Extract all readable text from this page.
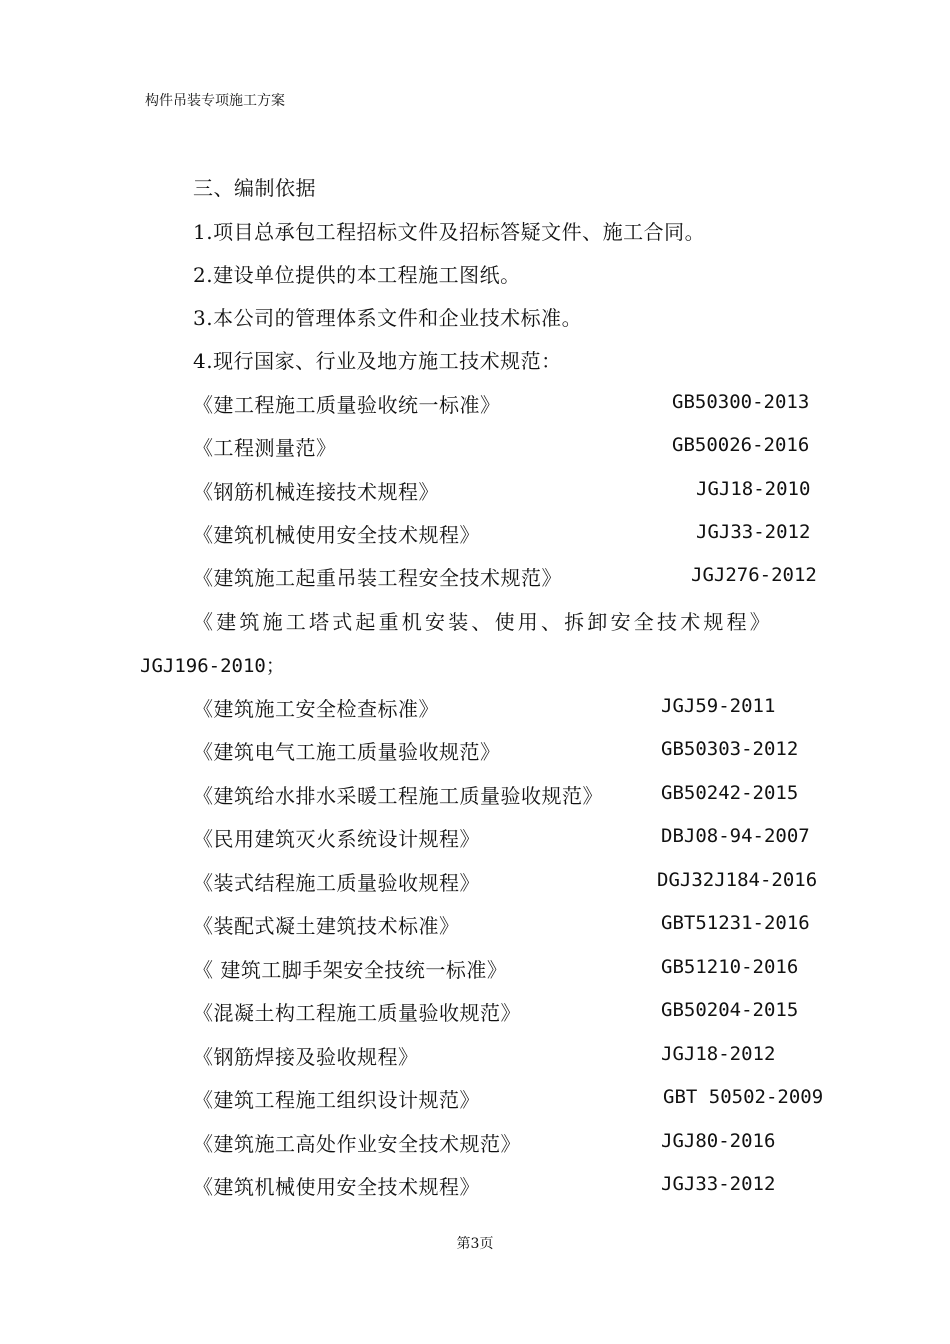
构件吊装专项施工方案
三、编制依据
1.项目总承包工程招标文件及招标答疑文件、施工合同。
2.建设单位提供的本工程施工图纸。
3.本公司的管理体系文件和企业技术标准。
4.现行国家、行业及地方施工技术规范：
《建工程施工质量验收统一标准》	GB50300-2013
《工程测量范》	GB50026-2016
《钢筋机械连接技术规程》	JGJ18-2010
《建筑机械使用安全技术规程》	JGJ33-2012
《建筑施工起重吊装工程安全技术规范》	JGJ276-2012
《建筑施工塔式起重机安装、使用、拆卸安全技术规程》
JGJ196-2010；
《建筑施工安全检查标准》	JGJ59-2011
《建筑电气工施工质量验收规范》	GB50303-2012
《建筑给水排水采暖工程施工质量验收规范》	GB50242-2015
《民用建筑灭火系统设计规程》	DBJ08-94-2007
《装式结程施工质量验收规程》	DGJ32J184-2016
《装配式凝土建筑技术标准》	GBT51231-2016
《 建筑工脚手架安全技统一标准》	GB51210-2016
《混凝土构工程施工质量验收规范》	GB50204-2015
《钢筋焊接及验收规程》	JGJ18-2012
《建筑工程施工组织设计规范》	GBT 50502-2009
《建筑施工高处作业安全技术规范》	JGJ80-2016
《建筑机械使用安全技术规程》	JGJ33-2012
第3页
